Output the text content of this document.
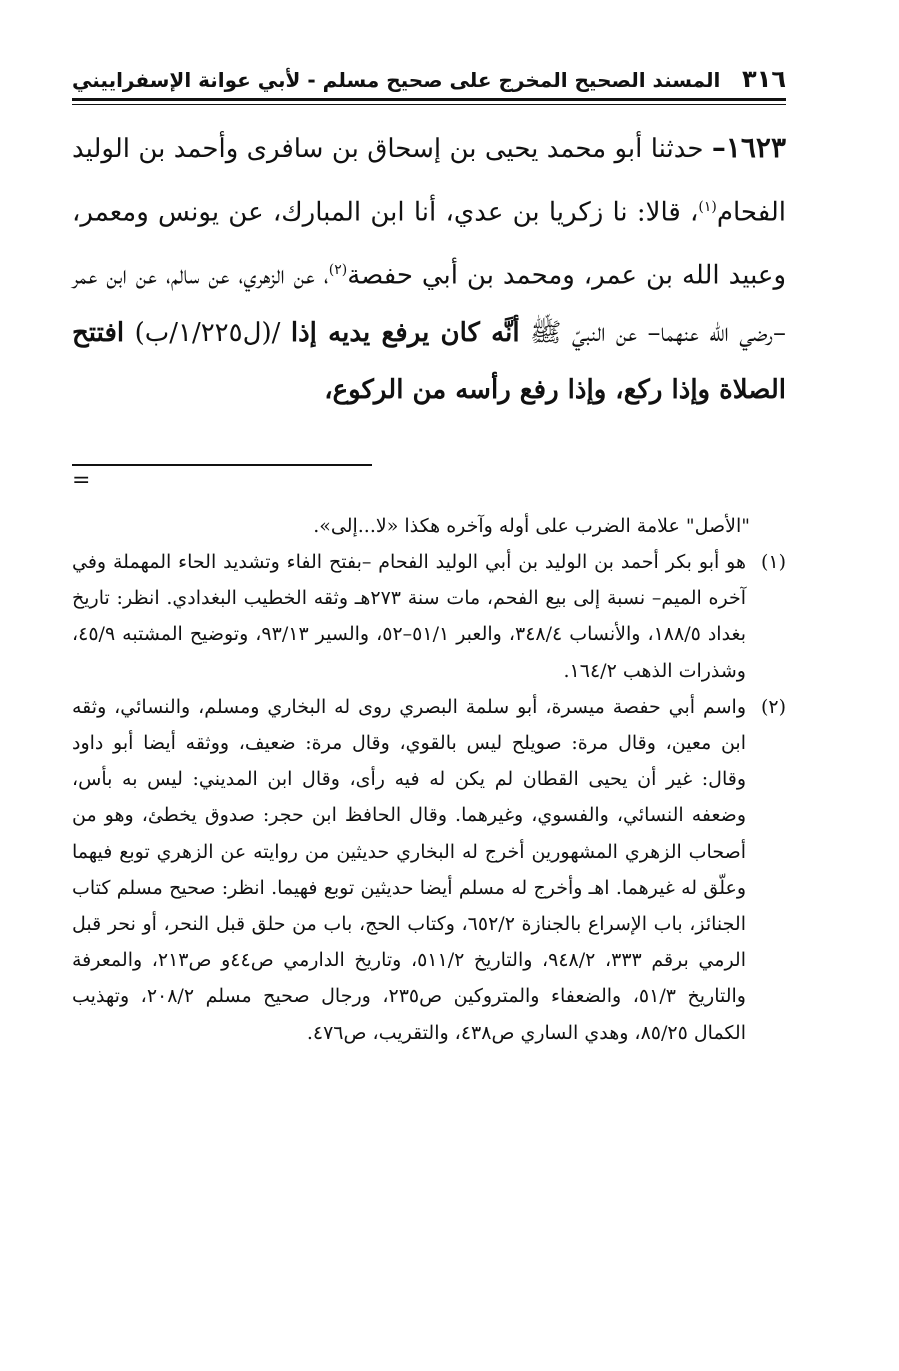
٣١٦
المسند الصحيح المخرج على صحيح مسلم - لأبي عوانة الإسفراييني
١٦٢٣– حدثنا أبو محمد يحيى بن إسحاق بن سافرى وأحمد بن الوليد الفحام$^{(١)}$، قالا: نا زكريا بن عدي، أنا ابن المبارك، عن يونس ومعمر، وعبيد الله بن عمر، ومحمد بن أبي حفصة$^{(٢)}$، عن الزهري، عن سالم، عن ابن عمر –رضي الله عنهما– عن النبيّ ﷺ أنَّه كان يرفع يديه إذا /(ل١/٢٢٥/ب) افتتح الصلاة وإذا ركع، وإذا رفع رأسه من الركوع،
=
"الأصل" علامة الضرب على أوله وآخره هكذا «لا...إلى».
(١)
هو أبو بكر أحمد بن الوليد بن أبي الوليد الفحام –بفتح الفاء وتشديد الحاء المهملة وفي آخره الميم– نسبة إلى بيع الفحم، مات سنة ٢٧٣هـ وثقه الخطيب البغدادي. انظر: تاريخ بغداد ١٨٨/٥، والأنساب ٣٤٨/٤، والعبر ٥١/١–٥٢، والسير ٩٣/١٣، وتوضيح المشتبه ٤٥/٩، وشذرات الذهب ١٦٤/٢.
(٢)
واسم أبي حفصة ميسرة، أبو سلمة البصري روى له البخاري ومسلم، والنسائي، وثقه ابن معين، وقال مرة: صويلح ليس بالقوي، وقال مرة: ضعيف، ووثقه أيضا أبو داود وقال: غير أن يحيى القطان لم يكن له فيه رأى، وقال ابن المديني: ليس به بأس، وضعفه النسائي، والفسوي، وغيرهما. وقال الحافظ ابن حجر: صدوق يخطئ، وهو من أصحاب الزهري المشهورين أخرج له البخاري حديثين من روايته عن الزهري توبع فيهما وعلّق له غيرهما. اهـ وأخرج له مسلم أيضا حديثين توبع فهيما. انظر: صحيح مسلم كتاب الجنائز، باب الإسراع بالجنازة ٦٥٢/٢، وكتاب الحج، باب من حلق قبل النحر، أو نحر قبل الرمي برقم ٣٣٣، ٩٤٨/٢، والتاريخ ٥١١/٢، وتاريخ الدارمي ص٤٤و ص٢١٣، والمعرفة والتاريخ ٥١/٣، والضعفاء والمتروكين ص٢٣٥، ورجال صحيح مسلم ٢٠٨/٢، وتهذيب الكمال ٨٥/٢٥، وهدي الساري ص٤٣٨، والتقريب، ص٤٧٦.
